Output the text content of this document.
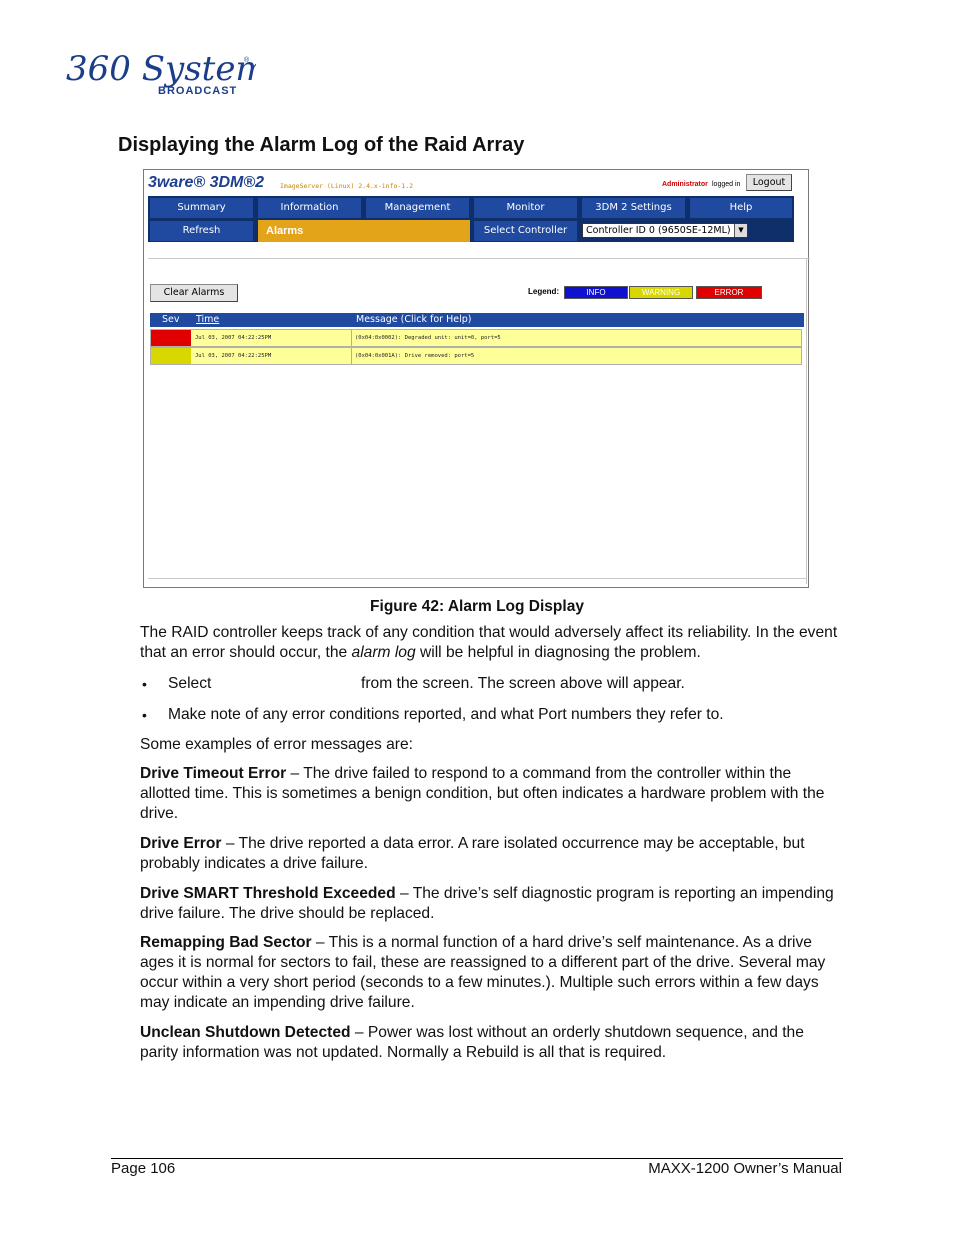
360 Syste
BROADCAST
®
Displaying the Alarm Log of the Raid Array
3ware® 3DM®2 ImageServer (Linux) 2.4.x-info-1.2	Administrator logged in	Logout
Summary	Information	Management	Monitor	3DM 2 Settings	Help
Refresh	Alarms	Select Controller	Controller ID 0 (9650SE-12ML)	▼
Clear Alarms	Legend:	INFO	WARNING	ERROR
Sev Time	Message (Click for Help)
Jul 03, 2007 04:22:25PM	(0x04:0x0002): Degraded unit: unit=0, port=5
Jul 03, 2007 04:22:25PM	(0x04:0x001A): Drive removed: port=5
Figure 42: Alarm Log Display
The RAID controller keeps track of any condition that would adversely affect its reliability. In the event that an error should occur, the alarm log will be helpful in diagnosing the problem.
• Select	from the screen. The screen above will appear.
• Make note of any error conditions reported, and what Port numbers they refer to.
Some examples of error messages are:
Drive Timeout Error – The drive failed to respond to a command from the controller within the allotted time. This is sometimes a benign condition, but often indicates a hardware problem with the drive.
Drive Error – The drive reported a data error. A rare isolated occurrence may be acceptable, but probably indicates a drive failure.
Drive SMART Threshold Exceeded – The drive’s self diagnostic program is reporting an impending drive failure. The drive should be replaced.
Remapping Bad Sector – This is a normal function of a hard drive’s self maintenance. As a drive ages it is normal for sectors to fail, these are reassigned to a different part of the drive. Several may occur within a very short period (seconds to a few minutes.). Multiple such errors within a few days may indicate an impending drive failure.
Unclean Shutdown Detected – Power was lost without an orderly shutdown sequence, and the parity information was not updated. Normally a Rebuild is all that is required.
Page 106	MAXX-1200 Owner’s Manual
